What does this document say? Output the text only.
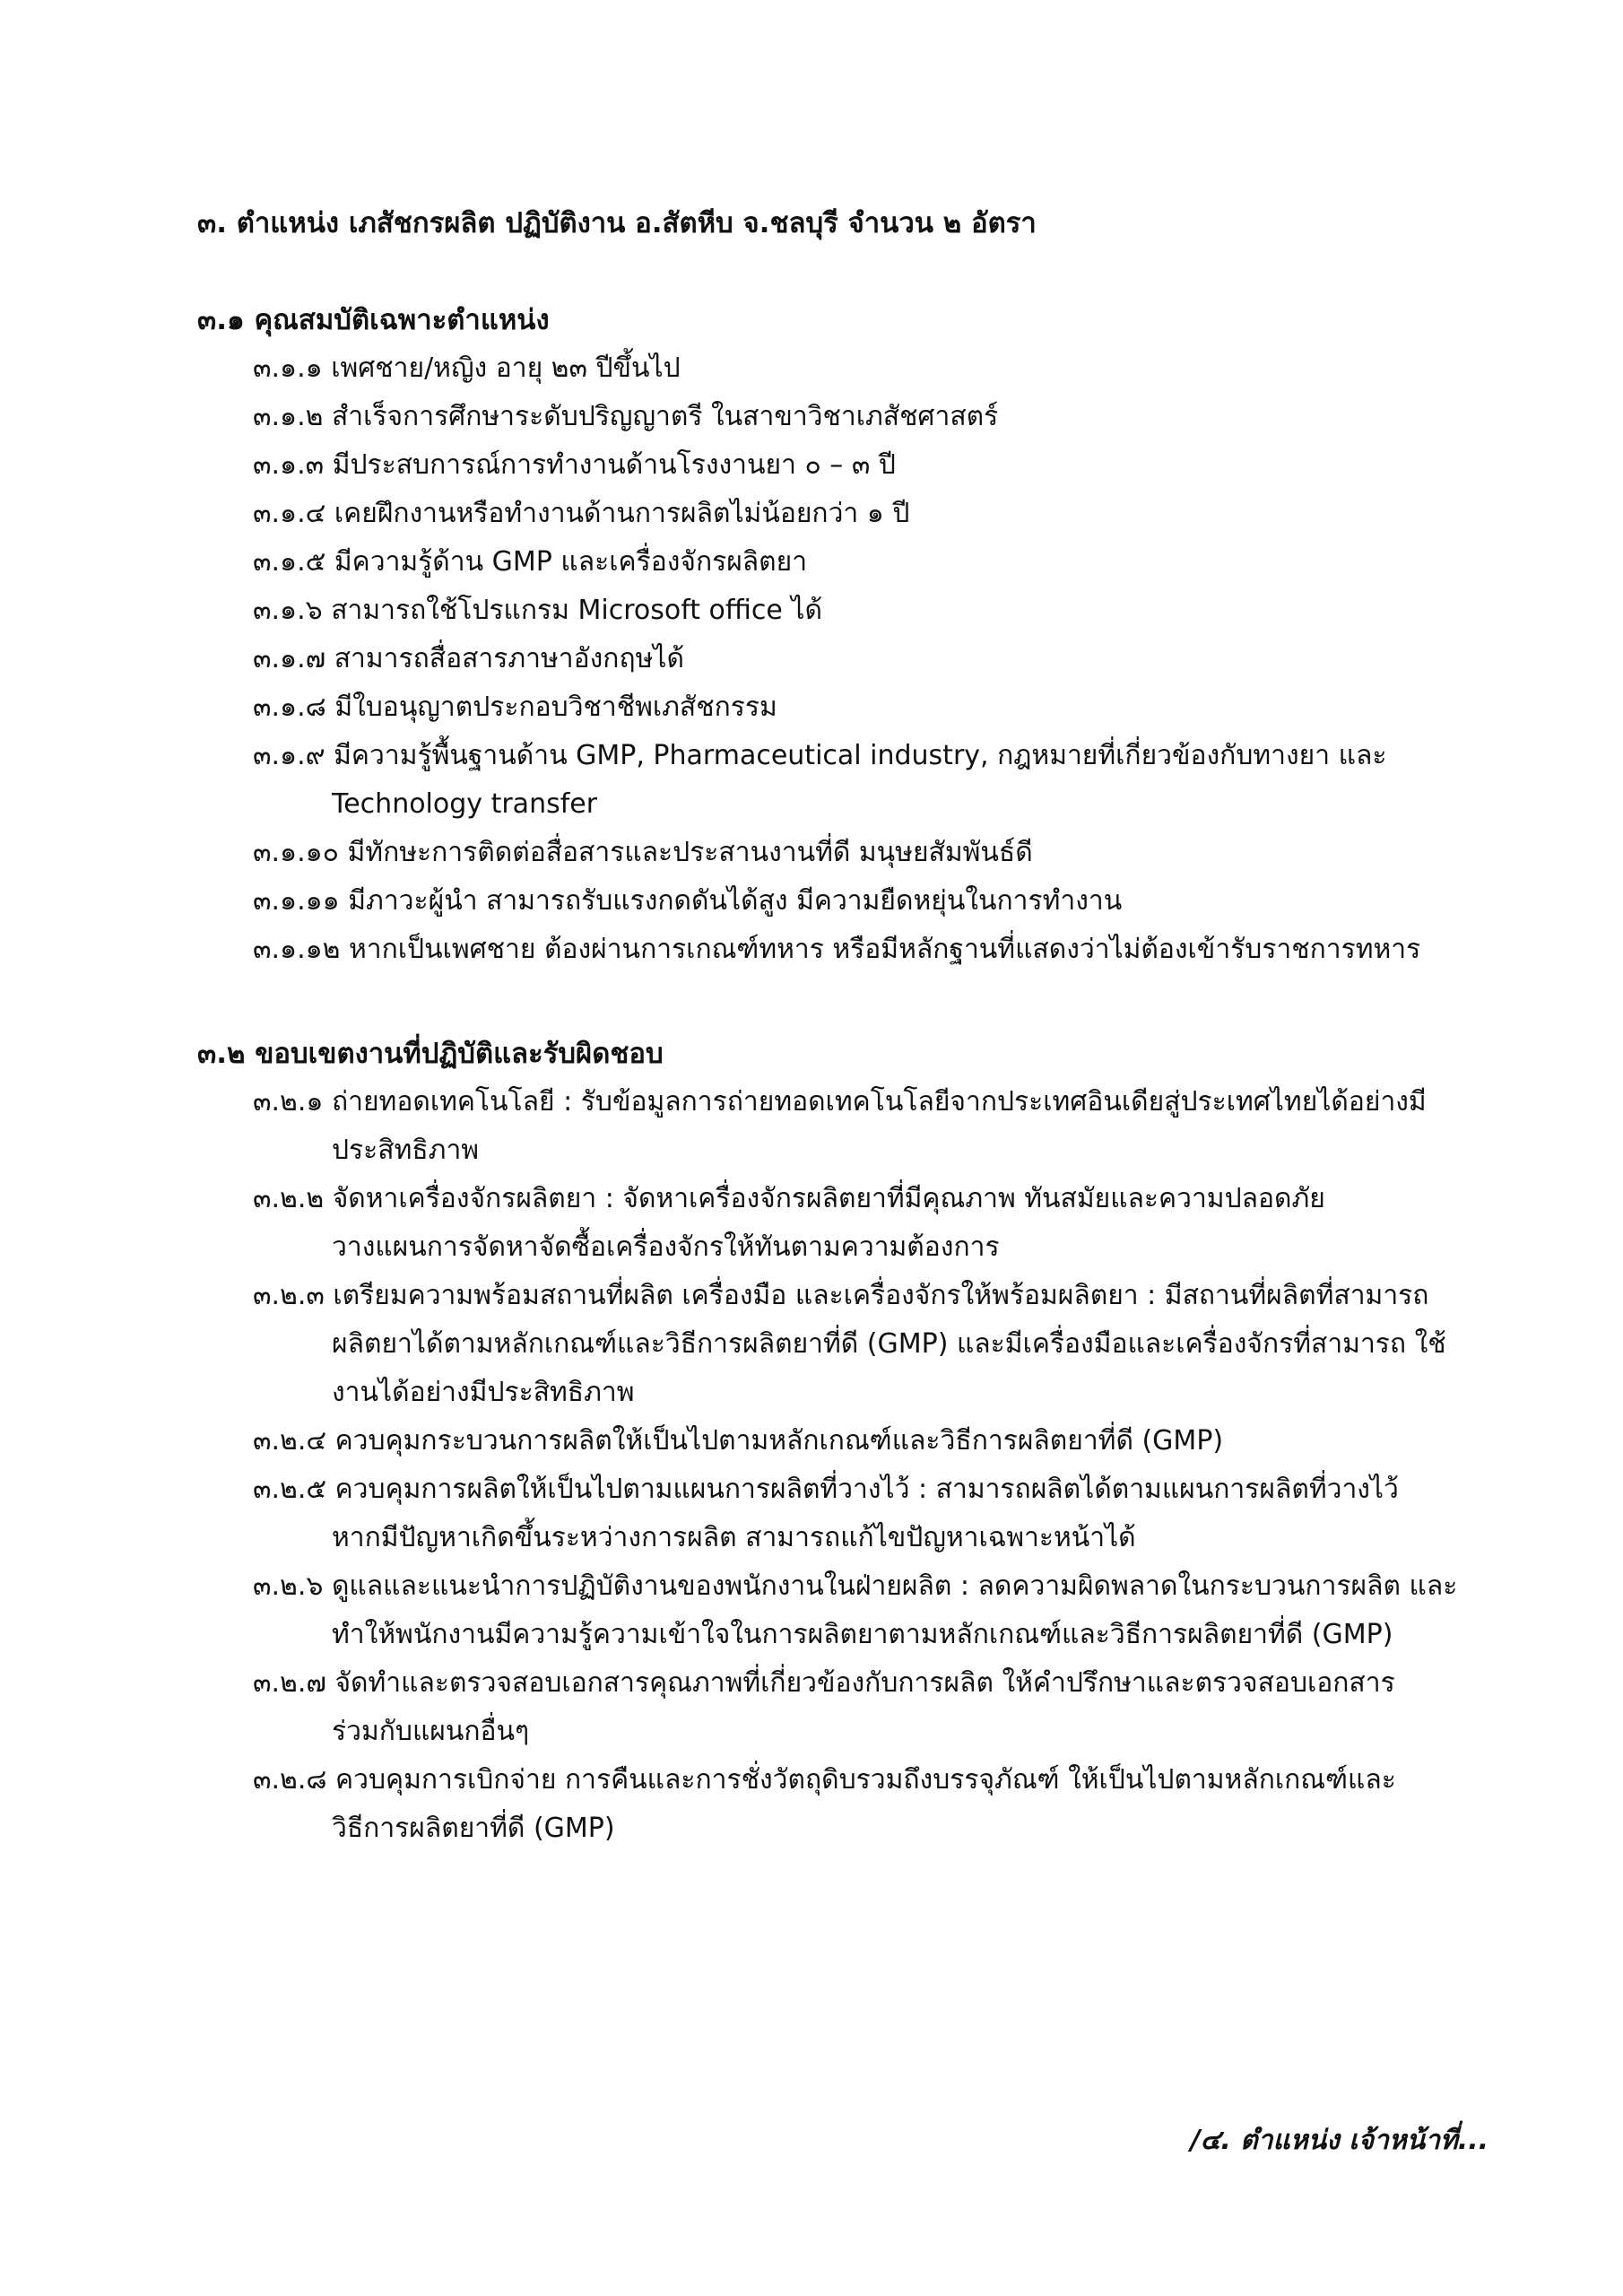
๓. ตำแหน่ง เภสัชกรผลิต ปฏิบัติงาน อ.สัตหีบ จ.ชลบุรี จำนวน ๒ อัตรา
๓.๑ คุณสมบัติเฉพาะตำแหน่ง
๓.๑.๑ เพศชาย/หญิง อายุ ๒๓ ปีขึ้นไป
๓.๑.๒ สำเร็จการศึกษาระดับปริญญาตรี ในสาขาวิชาเภสัชศาสตร์
๓.๑.๓ มีประสบการณ์การทำงานด้านโรงงานยา ๐ – ๓ ปี
๓.๑.๔ เคยฝึกงานหรือทำงานด้านการผลิตไม่น้อยกว่า ๑ ปี
๓.๑.๕ มีความรู้ด้าน GMP และเครื่องจักรผลิตยา
๓.๑.๖ สามารถใช้โปรแกรม Microsoft office ได้
๓.๑.๗ สามารถสื่อสารภาษาอังกฤษได้
๓.๑.๘ มีใบอนุญาตประกอบวิชาชีพเภสัชกรรม
๓.๑.๙ มีความรู้พื้นฐานด้าน GMP, Pharmaceutical industry, กฎหมายที่เกี่ยวข้องกับทางยา และ
Technology transfer
๓.๑.๑๐ มีทักษะการติดต่อสื่อสารและประสานงานที่ดี มนุษยสัมพันธ์ดี
๓.๑.๑๑ มีภาวะผู้นำ สามารถรับแรงกดดันได้สูง มีความยืดหยุ่นในการทำงาน
๓.๑.๑๒ หากเป็นเพศชาย ต้องผ่านการเกณฑ์ทหาร หรือมีหลักฐานที่แสดงว่าไม่ต้องเข้ารับราชการทหาร
๓.๒ ขอบเขตงานที่ปฏิบัติและรับผิดชอบ
๓.๒.๑ ถ่ายทอดเทคโนโลยี : รับข้อมูลการถ่ายทอดเทคโนโลยีจากประเทศอินเดียสู่ประเทศไทยได้อย่างมี
ประสิทธิภาพ
๓.๒.๒ จัดหาเครื่องจักรผลิตยา : จัดหาเครื่องจักรผลิตยาที่มีคุณภาพ ทันสมัยและความปลอดภัย
วางแผนการจัดหาจัดซื้อเครื่องจักรให้ทันตามความต้องการ
๓.๒.๓ เตรียมความพร้อมสถานที่ผลิต เครื่องมือ และเครื่องจักรให้พร้อมผลิตยา : มีสถานที่ผลิตที่สามารถ
ผลิตยาได้ตามหลักเกณฑ์และวิธีการผลิตยาที่ดี (GMP) และมีเครื่องมือและเครื่องจักรที่สามารถ ใช้งานได้อย่างมีประสิทธิภาพ
๓.๒.๔ ควบคุมกระบวนการผลิตให้เป็นไปตามหลักเกณฑ์และวิธีการผลิตยาที่ดี (GMP)
๓.๒.๕ ควบคุมการผลิตให้เป็นไปตามแผนการผลิตที่วางไว้ : สามารถผลิตได้ตามแผนการผลิตที่วางไว้
หากมีปัญหาเกิดขึ้นระหว่างการผลิต สามารถแก้ไขปัญหาเฉพาะหน้าได้
๓.๒.๖ ดูแลและแนะนำการปฏิบัติงานของพนักงานในฝ่ายผลิต : ลดความผิดพลาดในกระบวนการผลิต และ
ทำให้พนักงานมีความรู้ความเข้าใจในการผลิตยาตามหลักเกณฑ์และวิธีการผลิตยาที่ดี (GMP)
๓.๒.๗ จัดทำและตรวจสอบเอกสารคุณภาพที่เกี่ยวข้องกับการผลิต ให้คำปรึกษาและตรวจสอบเอกสาร
ร่วมกับแผนกอื่นๆ
๓.๒.๘ ควบคุมการเบิกจ่าย การคืนและการชั่งวัตถุดิบรวมถึงบรรจุภัณฑ์ ให้เป็นไปตามหลักเกณฑ์และ
วิธีการผลิตยาที่ดี (GMP)
/๔. ตำแหน่ง เจ้าหน้าที่...
